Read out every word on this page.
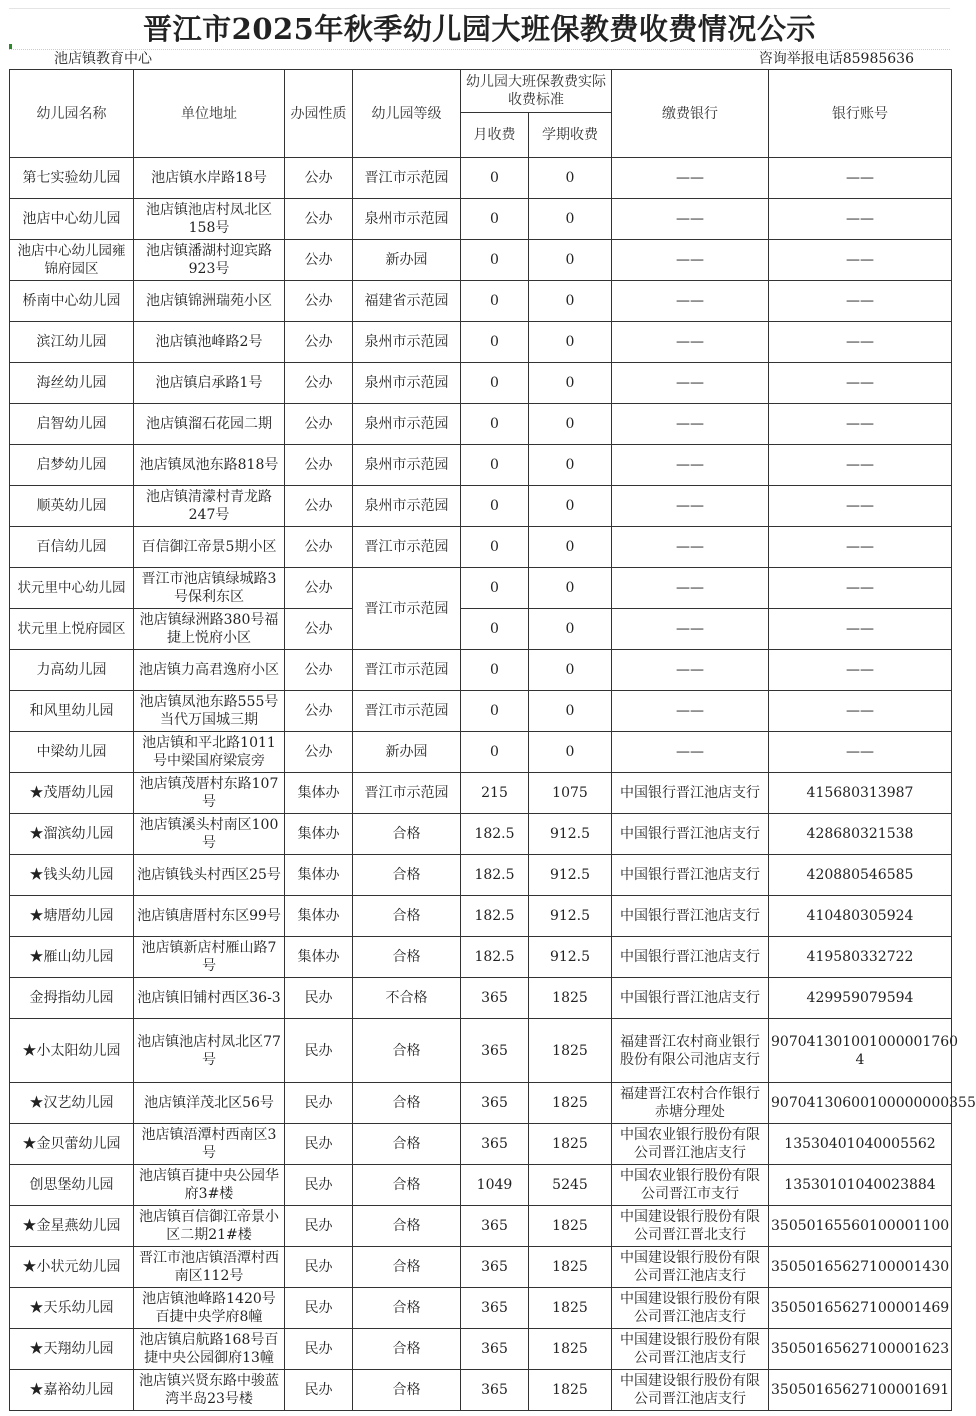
晋江市2025年秋季幼儿园大班保教费收费情况公示
池店镇教育中心	咨询举报电话85985636
幼儿园名称	单位地址	办园性质	幼儿园等级	幼儿园大班保教费实际收费标准		缴费银行	银行账号
				月收费	学期收费		
第七实验幼儿园	池店镇水岸路18号	公办	晋江市示范园	0	0	——	——
池店中心幼儿园	池店镇池店村凤北区158号	公办	泉州市示范园	0	0	——	——
池店中心幼儿园雍锦府园区	池店镇潘湖村迎宾路923号	公办	新办园	0	0	——	——
桥南中心幼儿园	池店镇锦洲瑞苑小区	公办	福建省示范园	0	0	——	——
滨江幼儿园	池店镇池峰路2号	公办	泉州市示范园	0	0	——	——
海丝幼儿园	池店镇启承路1号	公办	泉州市示范园	0	0	——	——
启智幼儿园	池店镇溜石花园二期	公办	泉州市示范园	0	0	——	——
启梦幼儿园	池店镇凤池东路818号	公办	泉州市示范园	0	0	——	——
顺英幼儿园	池店镇清濛村青龙路247号	公办	泉州市示范园	0	0	——	——
百信幼儿园	百信御江帝景5期小区	公办	晋江市示范园	0	0	——	——
状元里中心幼儿园	晋江市池店镇绿城路3号保利东区	公办	晋江市示范园	0	0	——	——
状元里上悦府园区	池店镇绿洲路380号福捷上悦府小区	公办		0	0	——	——
力高幼儿园	池店镇力高君逸府小区	公办	晋江市示范园	0	0	——	——
和风里幼儿园	池店镇凤池东路555号当代万国城三期	公办	晋江市示范园	0	0	——	——
中梁幼儿园	池店镇和平北路1011号中梁国府梁宸旁	公办	新办园	0	0	——	——
★茂厝幼儿园	池店镇茂厝村东路107号	集体办	晋江市示范园	215	1075	中国银行晋江池店支行	415680313987
★溜滨幼儿园	池店镇溪头村南区100号	集体办	合格	182.5	912.5	中国银行晋江池店支行	428680321538
★钱头幼儿园	池店镇钱头村西区25号	集体办	合格	182.5	912.5	中国银行晋江池店支行	420880546585
★塘厝幼儿园	池店镇唐厝村东区99号	集体办	合格	182.5	912.5	中国银行晋江池店支行	410480305924
★雁山幼儿园	池店镇新店村雁山路7号	集体办	合格	182.5	912.5	中国银行晋江池店支行	419580332722
金拇指幼儿园	池店镇旧铺村西区36-3	民办	不合格	365	1825	中国银行晋江池店支行	429959079594
★小太阳幼儿园	池店镇池店村凤北区77号	民办	合格	365	1825	福建晋江农村商业银行股份有限公司池店支行	907041301001000001760​4
★汉艺幼儿园	池店镇洋茂北区56号	民办	合格	365	1825	福建晋江农村合作银行赤塘分理处	90704130600100000000355
★金贝蕾幼儿园	池店镇浯潭村西南区3号	民办	合格	365	1825	中国农业银行股份有限公司晋江池店支行	13530401040005562
创思堡幼儿园	池店镇百捷中央公园华府3#楼	民办	合格	1049	5245	中国农业银行股份有限公司晋江市支行	13530101040023884
★金星燕幼儿园	池店镇百信御江帝景小区二期21#楼	民办	合格	365	1825	中国建设银行股份有限公司晋江晋北支行	35050165560100001100
★小状元幼儿园	晋江市池店镇浯潭村西南区112号	民办	合格	365	1825	中国建设银行股份有限公司晋江池店支行	35050165627100001430
★天乐幼儿园	池店镇池峰路1420号百捷中央学府8幢	民办	合格	365	1825	中国建设银行股份有限公司晋江池店支行	35050165627100001469
★天翔幼儿园	池店镇启航路168号百捷中央公园御府13幢	民办	合格	365	1825	中国建设银行股份有限公司晋江池店支行	35050165627100001623
★嘉裕幼儿园	池店镇兴贤东路中骏蓝湾半岛23号楼	民办	合格	365	1825	中国建设银行股份有限公司晋江池店支行	35050165627100001691
